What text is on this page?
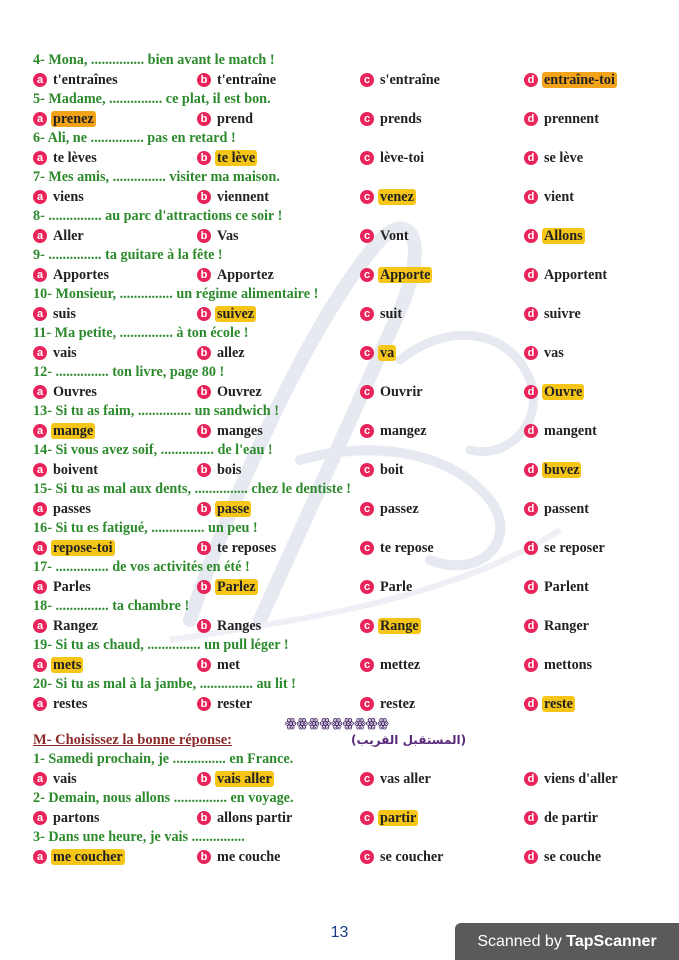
4- Mona, ............... bien avant le match !
a t'entraînes	b t'entraîne	c s'entraîne	d entraîne-toi
5- Madame, ............... ce plat, il est bon.
a prenez	b prend	c prends	d prennent
6- Ali, ne ............... pas en retard !
a te lèves	b te lève	c lève-toi	d se lève
7- Mes amis, ............... visiter ma maison.
a viens	b viennent	c venez	d vient
8- ............... au parc d'attractions ce soir !
a Aller	b Vas	c Vont	d Allons
9- ............... ta guitare à la fête !
a Apportes	b Apportez	c Apporte	d Apportent
10- Monsieur, ............... un régime alimentaire !
a suis	b suivez	c suit	d suivre
11- Ma petite, ............... à ton école !
a vais	b allez	c va	d vas
12- ............... ton livre, page 80 !
a Ouvres	b Ouvrez	c Ouvrir	d Ouvre
13- Si tu as faim, ............... un sandwich !
a mange	b manges	c mangez	d mangent
14- Si vous avez soif, ............... de l'eau !
a boivent	b bois	c boit	d buvez
15- Si tu as mal aux dents, ............... chez le dentiste !
a passes	b passe	c passez	d passent
16- Si tu es fatigué, ............... un peu !
a repose-toi	b te reposes	c te repose	d se reposer
17- ............... de vos activités en été !
a Parles	b Parlez	c Parle	d Parlent
18- ............... ta chambre !
a Rangez	b Ranges	c Range	d Ranger
19- Si tu as chaud, ............... un pull léger !
a mets	b met	c mettez	d mettons
20- Si tu as mal à la jambe, ............... au lit !
a restes	b rester	c restez	d reste
ꙮꙮꙮꙮꙮꙮꙮꙮꙮ
M- Choisissez la bonne réponse:	(المستقبل القريب)
1- Samedi prochain, je ............... en France.
a vais	b vais aller	c vas aller	d viens d'aller
2- Demain, nous allons ............... en voyage.
a partons	b allons partir	c partir	d de partir
3- Dans une heure, je vais ...............
a me coucher	b me couche	c se coucher	d se couche
13
Scanned by TapScanner
